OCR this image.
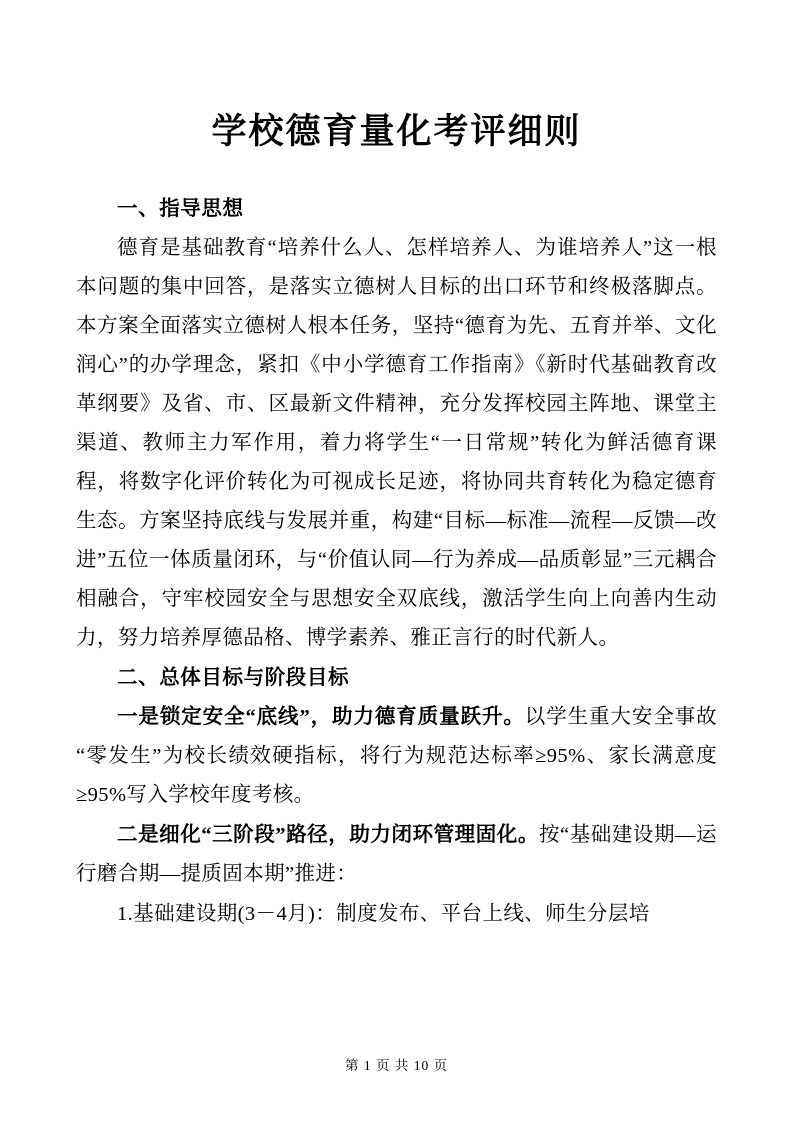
学校德育量化考评细则

一、指导思想

德育是基础教育“培养什么人、怎样培养人、为谁培养人”这一根本问题的集中回答，是落实立德树人目标的出口环节和终极落脚点。本方案全面落实立德树人根本任务，坚持“德育为先、五育并举、文化润心”的办学理念，紧扣《中小学德育工作指南》《新时代基础教育改革纲要》及省、市、区最新文件精神，充分发挥校园主阵地、课堂主渠道、教师主力军作用，着力将学生“一日常规”转化为鲜活德育课程，将数字化评价转化为可视成长足迹，将协同共育转化为稳定德育生态。方案坚持底线与发展并重，构建“目标—标准—流程—反馈—改进”五位一体质量闭环，与“价值认同—行为养成—品质彰显”三元耦合相融合，守牢校园安全与思想安全双底线，激活学生向上向善内生动力，努力培养厚德品格、博学素养、雅正言行的时代新人。

二、总体目标与阶段目标

一是锁定安全“底线”，助力德育质量跃升。以学生重大安全事故“零发生”为校长绩效硬指标，将行为规范达标率≥95%、家长满意度≥95%写入学校年度考核。

二是细化“三阶段”路径，助力闭环管理固化。按“基础建设期—运行磨合期—提质固本期”推进：

1.基础建设期(3－4月)：制度发布、平台上线、师生分层培

第 1 页 共 10 页
